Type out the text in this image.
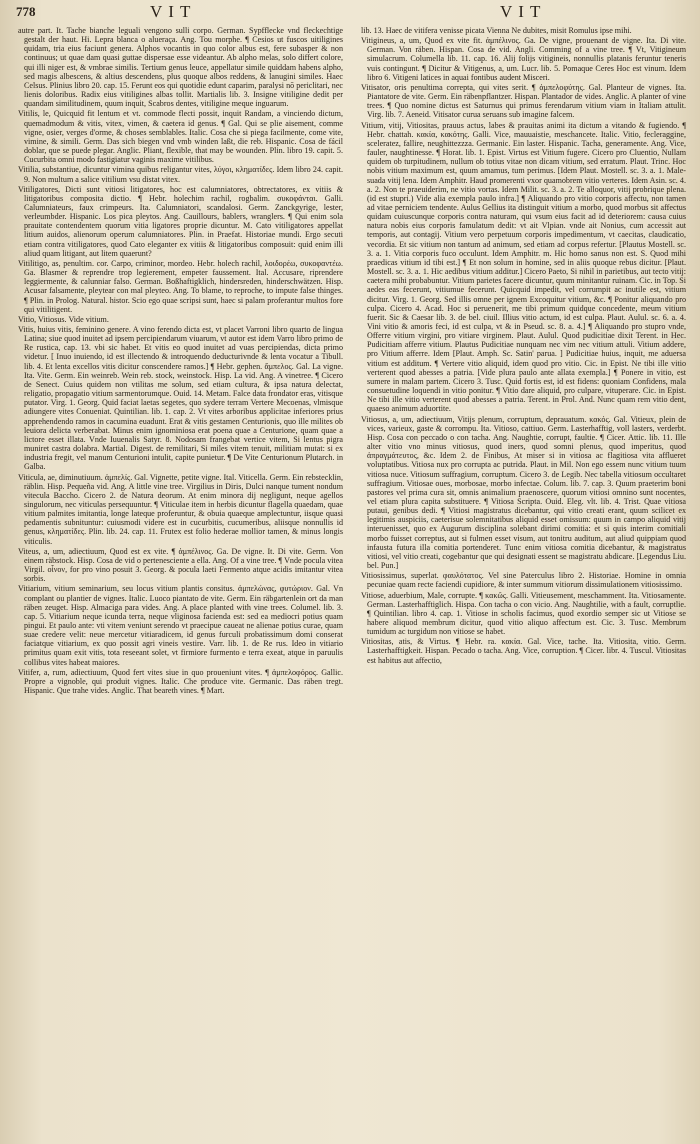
778	VIT	VIT

autre part. It. Tache bianche leguali vengono sulli corpo. German. Sypfflecke vnd fleckechtige gestalt der haut. Hi. Lepra blanca o alueraça. Ang. Tou morphe. ¶ Cesios ut fuscos uitiligines quidam, tria eius faciunt genera. Alphos vocantis in quo color albus est, fere subasper & non continuus; ut quae dam quasi guttae dispersae esse videantur. Ab alpho melas, solo differt colore, qui illi niger est, & vmbrae similis. Tertium genus leuce, appellatur simile quiddam habens alpho, sed magis albescens, & altius descendens, plus quoque albos reddens, & lanugini similes. Haec Celsus. Plinius libro 20. cap. 15. Ferunt eos qui quotidie edunt caparim, paralysi nō periclitari, nec lienis doloribus. Radix eius vitiligines albas tollit. Martialis lib. 3. Insigne vitiligine dedit per quandam similitudinem, quum inquit, Scabros dentes, vitiligine meque inguarum.

Vitilis, le, Quicquid fit lentum et vt. commode flecti possit, inquit Randam, a vinciendo dictum, quemadmodum & vitis, vitex, vimen, & caetera id genus. ¶ Gal. Qui se plie aisement, comme vigne, osier, verges d'orme, & choses semblables. Italic. Cosa che si piega facilmente, come vite, vimine, & simili. Germ. Das sich biegen vnd vmb winden laßt, die reb. Hispanic. Cosa de fácil doblar, que se puede plegar. Anglic. Pliant, flexible, that may be wounden. Plin. libro 19. capit. 5. Cucurbita omni modo fastigiatur vaginis maxime vitilibus.

Vitilia, substantiue, dicuntur vimina quibus religantur vites, λύγοι, κληματίδες. Idem libro 24. capit. 9. Non multum a salice vitilium vsu distat vitex.

Vitiligatores, Dicti sunt vitiosi litigatores, hoc est calumniatores, obtrectatores, ex vitiis & litigatoribus composita dictio. ¶ Hebr. holechim rachil, rogbalim. συκοφάνται. Galli. Calumniateurs, faux crimpeurs. Ita. Calumniatori, scandalosi. Germ. Zanckgyrige, lester, verleumbder. Hispanic. Los pica pleytos. Ang. Cauillours, bablers, wranglers. ¶ Qui enim sola prauitate contendentem quorum vitia ligatores proprie dicuntur. M. Cato vitiligatores appellat litium auidos, alienorum operum calumniatores. Plin. in Praefat. Historiae mundi. Ergo secuti etiam contra vitiligatores, quod Cato eleganter ex vitiis & litigatoribus composuit: quid enim illi aliud quam litigant, aut litem quaerunt?

Vitilitigo, as, penultim. cor. Carpo, criminor, mordeo. Hebr. holech rachil, λοιδορέω, συκοφαντέω. Ga. Blasmer & reprendre trop legierement, empeter faussement. Ital. Accusare, riprendere leggiermente, & calunniar falso. German. Boßhaftigklich, hindersreden, hinderschwätzen. Hisp. Acusar falsamente, pleytear con mal pleyteo. Ang. To blame, to reproche, to impute false thinges. ¶ Plin. in Prolog. Natural. histor. Scio ego quae scripsi sunt, haec si palam proferantur multos fore qui vitilitigent.

Vitio, Vitiosus. Vide vitium.

Vitis, huius vitis, feminino genere. A vino ferendo dicta est, vt placet Varroni libro quarto de lingua Latina; siue quod inuitet ad ipsem percipiendarum viuarum, vt autor est idem Varro libro primo de Re rustica, cap. 13. vbi sic habet. Et vitis eo quod inuitet ad vuas percipiendas, dicta primo videtur. [ Inuo inuiendo, id est illectendo & introquendo deducturivnde & lenta vocatur a Tibull. lib. 4. Et lenta excellos vitis dicitur conscendere ramos.] ¶ Hebr. gephen. ἄμπελος. Gal. La vigne. Ita. Vite. Germ. Ein weinreb. Wein reb. stock, weinstock. Hisp. La vid. Ang. A vinetree. ¶ Cicero de Senect. Cuius quidem non vtilitas me solum, sed etiam cultura, & ipsa natura delectat, religatio, propagatio vitium sarmentorumque. Ouid. 14. Metam. Falce data frondator eras, vitisque putator. Virg. 1. Georg. Quid faciat laetas segetes, quo sydere terram Vertere Mecoenas, vlmisque adiungere vites Conueniat. Quintilian. lib. 1. cap. 2. Vt vites arboribus applicitae inferiores prius apprehendendo ramos in cacumina euadunt. Erat & vitis gestamen Centurionis, quo ille milites ob leuiora delicta verberabat. Minus enim ignominiosa erat poena quae a Centurione, quam quae a lictore esset illata. Vnde Iuuenalis Satyr. 8. Nodosam frangebat vertice vitem, Si lentus pigra muniret castra dolabra. Martial. Digest. de remilitari, Si miles vitem tenuit, militiam mutat: si ex industria fregit, vel manum Centurioni intulit, capite punietur. ¶ De Vite Centurionum Plutarch. in Galba.

Viticula, ae, diminutiuum. ἀμπελίς. Gal. Vignette, petite vigne. Ital. Viticella. Germ. Ein rebstecklin, räblin. Hisp. Pequeña vid. Ang. A little vine tree. Virgilius in Diris, Dulci nanque tument nondum vitecula Baccho. Cicero 2. de Natura deorum. At enim minora dij negligunt, neque agellos singulorum, nec viticulas persequuntur. ¶ Viticulae item in herbis dicuntur flagella quaedam, quae vitium palmites imitantia, longe lateque proferuntur, & obuia quaeque amplectuntur, iisque quasi pedamentis subnituntur: cuiusmodi videre est in cucurbitis, cucumeribus, aliisque nonnullis id genus, κληματίδες. Plin. lib. 24. cap. 11. Frutex est folio hederae mollior tamen, & minus longis viticulis.

Viteus, a, um, adiectiuum, Quod est ex vite. ¶ ἀμπέλινος. Ga. De vigne. It. Di vite. Germ. Von einem räbstock. Hisp. Cosa de vid o pertenesciente a ella. Ang. Of a vine tree. ¶ Vnde pocula vitea Virgil. οἶνον, for pro vino posuit 3. Georg. & pocula laeti Fermento atque acidis imitantur vitea sorbis.

Vitiarium, vitium seminarium, seu locus vitium plantis consitus. ἀμπελώνας, φυτώριον. Gal. Vn complant ou plantier de vignes. Italic. Luoco piantato de vite. Germ. Ein räbgartenlein ort da man räben zeuget. Hisp. Almaciga para vides. Ang. A place planted with vine trees. Columel. lib. 3. cap. 5. Vitiarium neque icunda terra, neque vliginosa facienda est: sed ea mediocri potius quam pingui. Et paulo ante: vti vitem veniunt serendo vt praecipue caueat ne alienae potius curae, quam suae credere velit: neue mercetur vitiaradicem, id genus furculi probatissimum domi conserat faciatque vitiarium, ex quo possit agri vineis vestire. Varr. lib. 1. de Re rus. Ideo in vitiario primitus quam exit vitis, tota reseeant solet, vt firmiore furmento e terra exeat, atque in paruulis collibus vites habeat maiores.

Vitifer, a, rum, adiectiuum, Quod fert vites siue in quo proueniunt vites. ¶ ἀμπελοφόρος. Gallic. Propre a vignoble, qui produit vignes. Italic. Che produce vite. Germanic. Das räben tregt. Hispanic. Que trahe vides. Anglic. That beareth vines. ¶ Mart.

lib. 13. Haec de vitifera venisse picata Vienna Ne dubites, misit Romulus ipse mihi.

Vitigineus, a, um, Quod ex vite fit. ἀμπέλινος. Ga. De vigne, prouenant de vigne. Ita. Di vite. German. Von räben. Hispan. Cosa de vid. Angli. Comming of a vine tree. ¶ Vt, Vitigineum simulacrum. Columella lib. 11. cap. 16. Alij folijs vitigineis, nonnullis platanis feruntur teneris vuis contingunt. ¶ Dicitur & Vitigenus, a, um. Lucr. lib. 5. Pomaque Ceres Hoc est vinum. Idem libro 6. Vitigeni latices in aquai fontibus audent Misceri.

Vitisator, oris penultima correpta, qui vites serit. ¶ ἀμπελοφύτης. Gal. Planteur de vignes. Ita. Piantatore de vite. Germ. Ein räbenpflantzer. Hispan. Plantador de vides. Anglic. A planter of vine trees. ¶ Quo nomine dictus est Saturnus qui primus ferendarum vitium viam in Italiam attulit. Virg. lib. 7. Aeneid. Vitisator curua seruans sub imagine falcem.

Vitium, vitij, Vitiositas, prauus actus, labes & prauitas animi ita dictum a vitando & fugiendo. ¶ Hebr. chattah. κακία, κακότης. Galli. Vice, mauuaistie, meschancete. Italic. Vitio, fecleraggine, sceleratez, fallire, neughittezzza. Germanic. Ein laster. Hispanic. Tacha, generamente. Ang. Vice, fauler, naughtinesse. ¶ Horat. lib. 1. Epist. Virtus est Vitium fugere. Cicero pro Cluentio, Nullam quidem ob turpitudinem, nullum ob totius vitae non dicam vitium, sed erratum. Plaut. Trinc. Hoc nobis vitium maximum est, quum amamus, tum perimus. [Idem Plaut. Mostell. sc. 3. a. 1. Male-suada vitij lena. Idem Amphitr. Haud promerenti vxor quamobrem vitio verteres. Idem Asin. sc. 4. a. 2. Non te praeuiderim, ne vitio vortas. Idem Milit. sc. 3. a. 2. Te alloquor, vitij probrique plena. (id est stupri.) Vide alia exempla paulo infra.] ¶ Aliquando pro vitio corporis affectu, non tamen ad vitae perniciem tendente. Aulus Gellius ita distinguit vitium a morbo, quod morbus sit affectus quidam cuiuscunque corporis contra naturam, qui vsum eius facit ad id deteriorem: causa cuius natura nobis eius corporis famulatum dedit: vt ait Vlpian. vnde ait Nonius, cum accessit aut temporis, aut contagij. Vitium vero perpetuum corporis impedimentum, vt caecitas, claudicatio, vecordia. Et sic vitium non tantum ad animum, sed etiam ad corpus refertur. [Plautus Mostell. sc. 3. a. 1. Vitia corporis fuco occulunt. Idem Amphitr. m. Hic homo sanus non est. S. Quod mihi praedicas vitium id tibi est.] ¶ Et non solum in homine, sed in aliis quoque rebus dicitur. [Plaut. Mostell. sc. 3. a. 1. Hic aedibus vitium additur.] Cicero Paeto, Si nihil in parietibus, aut tecto vitij: caetera mihi probabuntur. Vitium parietes facere dicuntur, quum minitantur ruinam. Cic. in Top. Si aedes eas fecerunt, vitiumue fecerunt. Quicquid impedit, vel corrumpit ac inutile est, vitium dicitur. Virg. 1. Georg. Sed illis omne per ignem Excoquitur vitium, &c. ¶ Ponitur aliquando pro culpa. Cicero 4. Acad. Hoc si peruenerit, me tibi primum quidque concedente, meum vitium fuerit. Sic & Caesar lib. 3. de bel. ciuil. Illius vitio actum, id est culpa. Plaut. Aulul. sc. 6. a. 4. Vini vitio & amoris feci, id est culpa, vt & in Pseud. sc. 8. a. 4.] ¶ Aliquando pro stupro vnde, Offerre vitium virgini, pro vitiare virginem. Plaut. Aulul. Quod pudicitiae dixit Terent. in Hec. Pudicitiam afferre vitium. Plautus Pudicitiae nunquam nec vim nec vitium attuli. Vitium addere, pro Vitium afferre. Idem [Plaut. Amph. Sc. Satin' parua. ] Pudicitiae huius, inquit, me aduersa vitium est additum. ¶ Vertere vitio aliquid, idem quod pro vitio. Cic. in Epist. Ne tibi ille vitio verterent quod abesses a patria. [Vide plura paulo ante allata exempla.] ¶ Ponere in vitio, est sumere in malam partem. Cicero 3. Tusc. Quid fortis est, id est fidens: quoniam Confidens, mala consuetudine loquendi in vitio ponitur. ¶ Vitio dare aliquid, pro culpare, vituperare. Cic. in Epist. Ne tibi ille vitio verterent quod abesses a patria. Terent. in Prol. And. Nunc quam rem vitio dent, quaeso animum aduortite.

Vitiosus, a, um, adiectiuum, Vitijs plenum, corruptum, deprauatum. κακός. Gal. Vitieux, plein de vices, varieux, gaste & corrompu. Ita. Vitioso, cattiuo. Germ. Lasterhafftig, voll lasters, verderbt. Hisp. Cosa con peccado o con tacha. Ang. Naughtie, corrupt, faultie. ¶ Cicer. Attic. lib. 11. Ille alter vitio vno minus vitiosus, quod iners, quod somni plenus, quod imperitus, quod ἀπραγμάτευτος, &c. Idem 2. de Finibus, At miser si in vitiosa ac flagitiosa vita afflueret voluptatibus. Vitiosa nux pro corrupta ac putrida. Plaut. in Mil. Non ego essem nunc vitium tuum vitiosa nuce. Vitiosum suffragium, corruptum. Cicero 3. de Legib. Nec tabella vitiosum occultaret suffragium. Vitiosae oues, morbosae, morbo infectae. Colum. lib. 7. cap. 3. Quum praeterim boni pastores vel prima cura sit, omnis animalium praenoscere, quorum vitiosi omnino sunt nocentes, vel etiam plura capita substituere. ¶ Vitiosa Scripta. Ouid. Eleg. vlt. lib. 4. Trist. Quae vitiosa putaui, genibus dedi. ¶ Vitiosi magistratus dicebantur, qui vitio creati erant, quum scilicet ex legitimis auspiciis, caeterisue solemnitatibus aliquid esset omissum: quum in campo aliquid vitij interuenisset, quo ex Augurum disciplina solebant dirimi comitia: et si quis interim comitiali morbo fuisset correptus, aut si fulmen esset visum, aut tonitru auditum, aut aliud quippiam quod infausta futura illa comitia portenderet. Tunc enim vitiosa comitia dicebantur, & magistratus vitiosi, vel vitio creati, cogebantur que qui designati essent se magistratu abdicare. [Legendus Liu. bel. Pun.]

Vitiosissimus, superlat. φαυλότατος. Vel sine Paterculus libro 2. Historiae. Homine in omnia pecuniae quam recte faciendi cupidiore, & inter summum vitiorum dissimulationem vitiosissimo.

Vitiose, aduerbium, Male, corrupte. ¶ κακῶς. Galli. Vitieusement, meschamment. Ita. Vitiosamente. German. Lasterhafftiglich. Hispa. Con tacha o con vicio. Ang. Naughtilie, with a fault, corruptlie. ¶ Quintilian. libro 4. cap. 1. Vitiose in scholis facimus, quod exordio semper sic ut Vitiose se habere aliquod membrum dicitur, quod vitio aliquo affectum est. Cic. 3. Tusc. Membrum tumidum ac turgidum non vitiose se habet.

Vitiositas, atis, & Virtus. ¶ Hebr. ra. κακία. Gal. Vice, tache. Ita. Vitiosita, vitio. Germ. Lasterhafftigkeit. Hispan. Pecado o tacha. Ang. Vice, corruption. ¶ Cicer. libr. 4. Tuscul. Vitiositas est habitus aut affectio,
